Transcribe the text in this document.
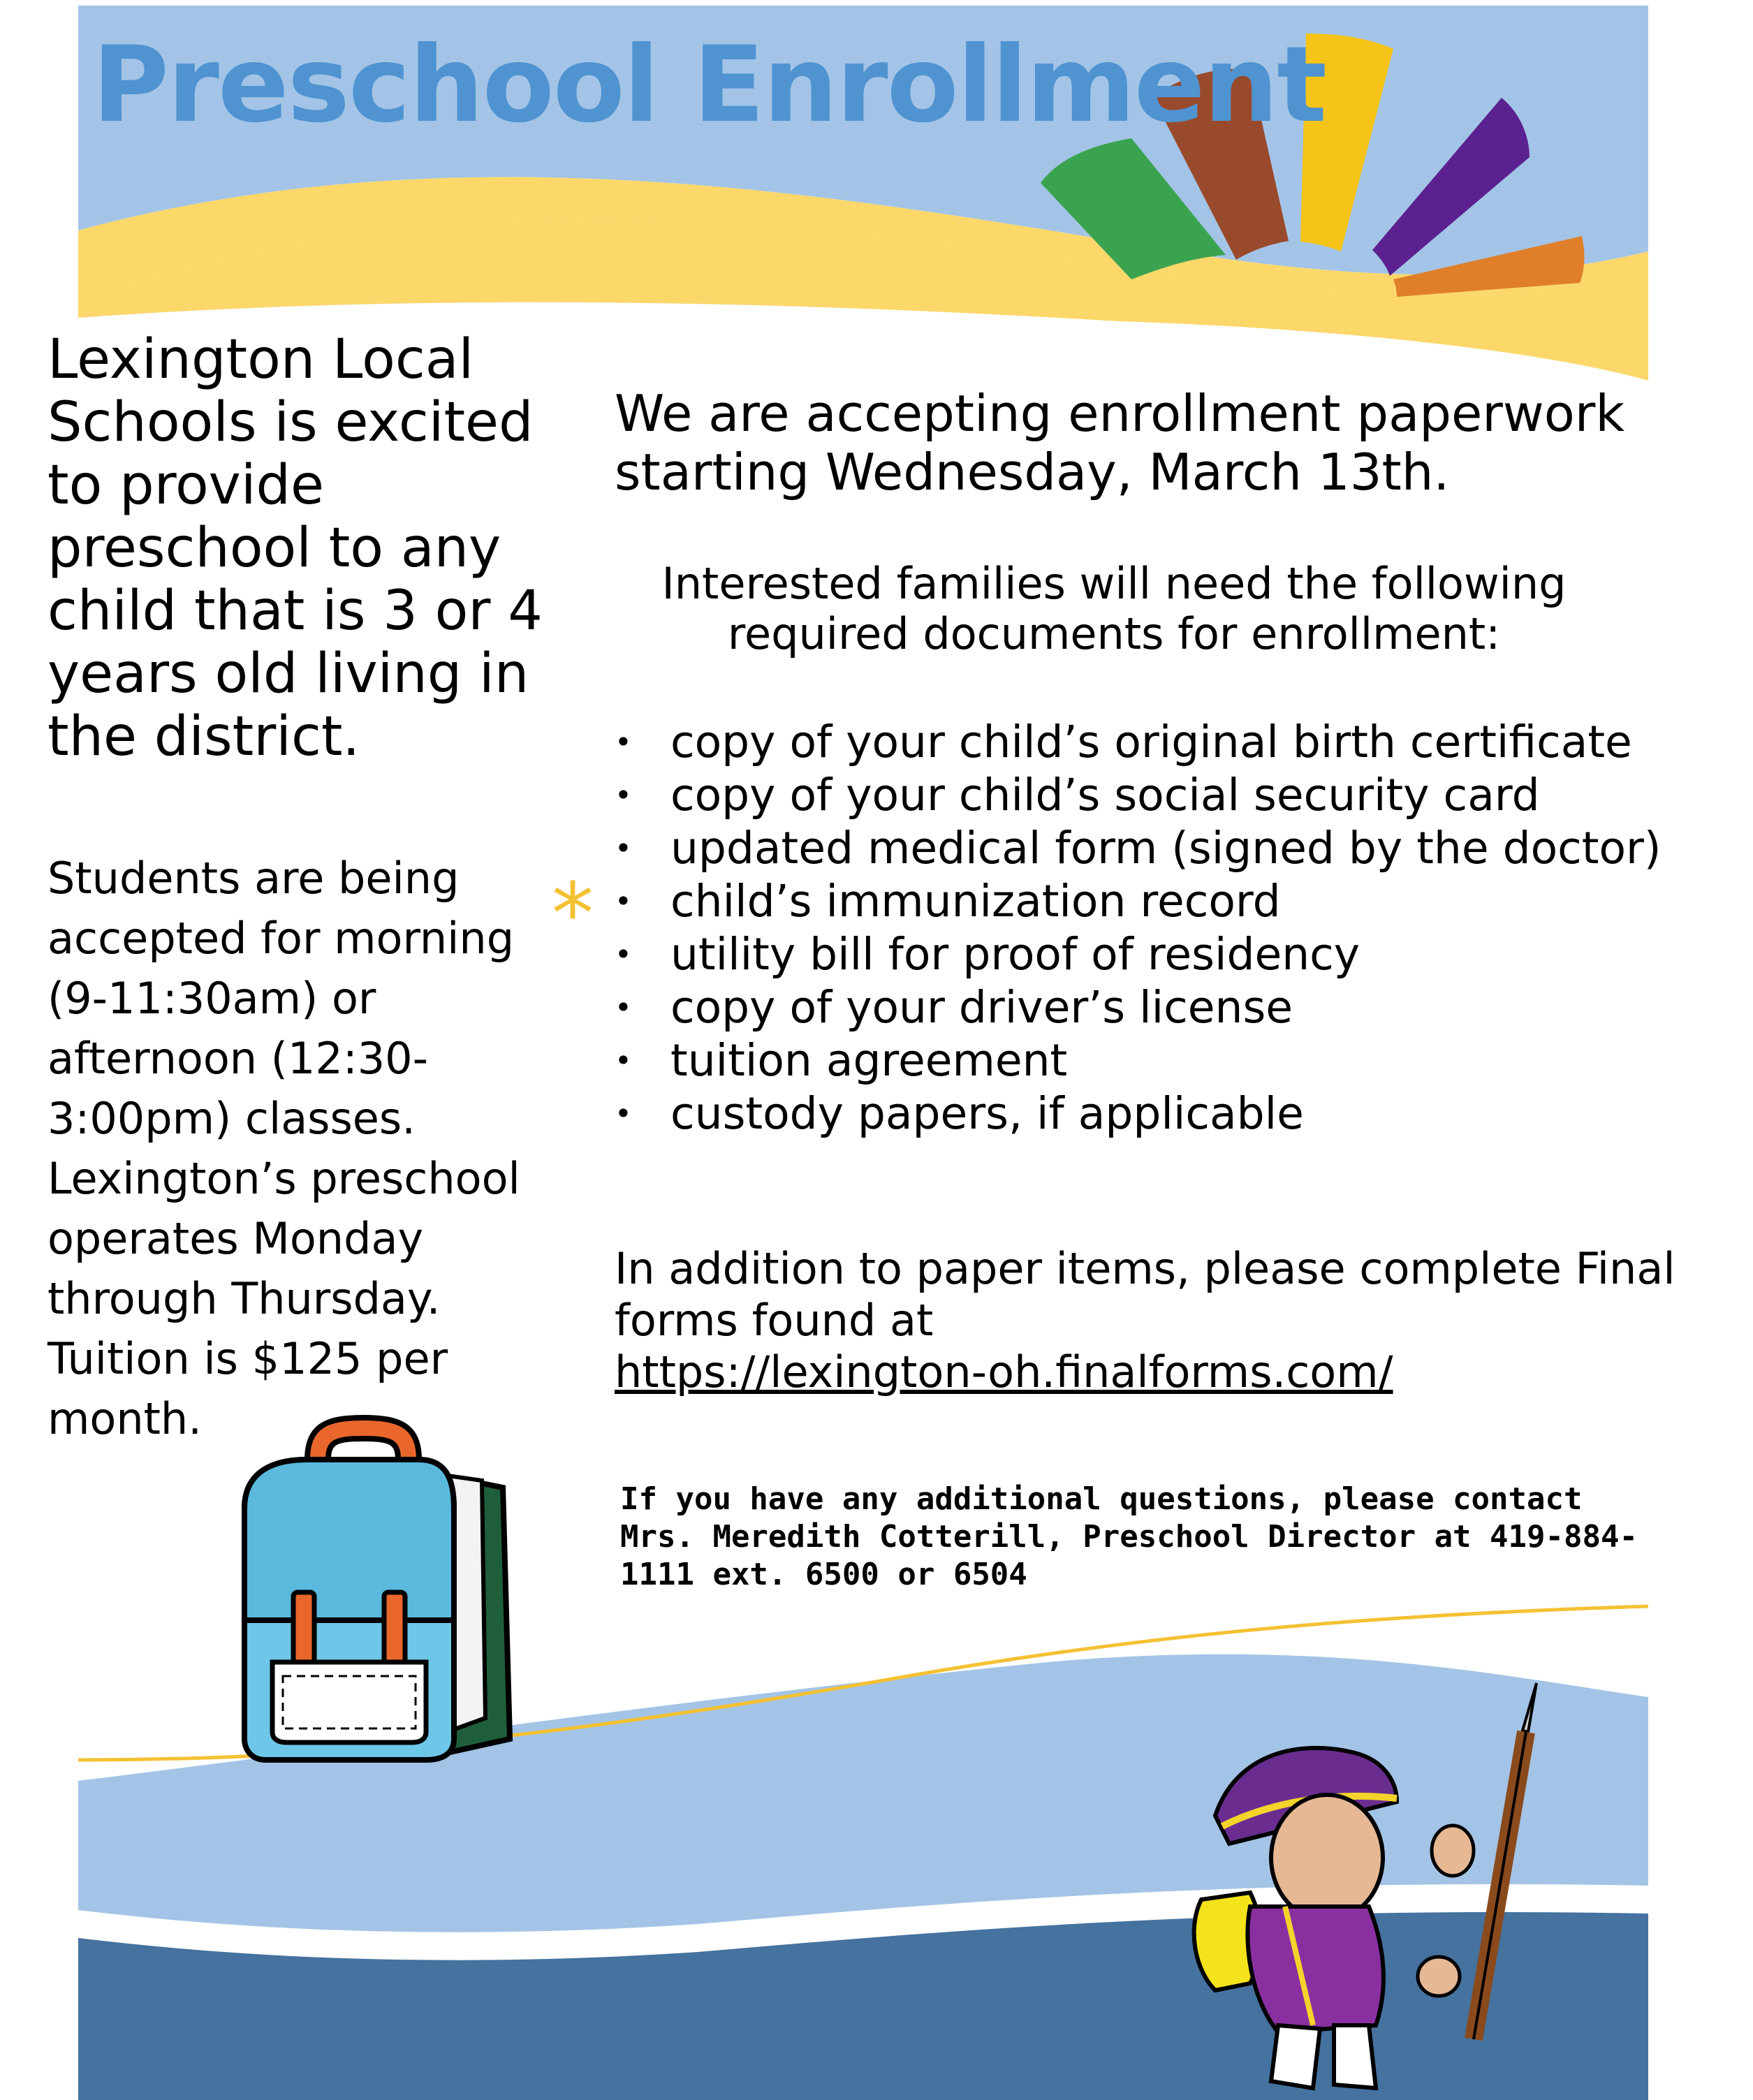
Preschool Enrollment

Lexington Local Schools is excited to provide preschool to any child that is 3 or 4 years old living in the district.

Students are being accepted for morning (9-11:30am) or afternoon (12:30-3:00pm) classes. Lexington’s preschool operates Monday through Thursday. Tuition is $125 per month.

We are accepting enrollment paperwork starting Wednesday, March 13th.

Interested families will need the following required documents for enrollment:

*
• copy of your child’s original birth certificate
• copy of your child’s social security card
• updated medical form (signed by the doctor)
• child’s immunization record
• utility bill for proof of residency
• copy of your driver’s license
• tuition agreement
• custody papers, if applicable

In addition to paper items, please complete Final forms found at
https://lexington-oh.finalforms.com/

If you have any additional questions, please contact Mrs. Meredith Cotterill, Preschool Director at 419-884-1111 ext. 6500 or 6504
